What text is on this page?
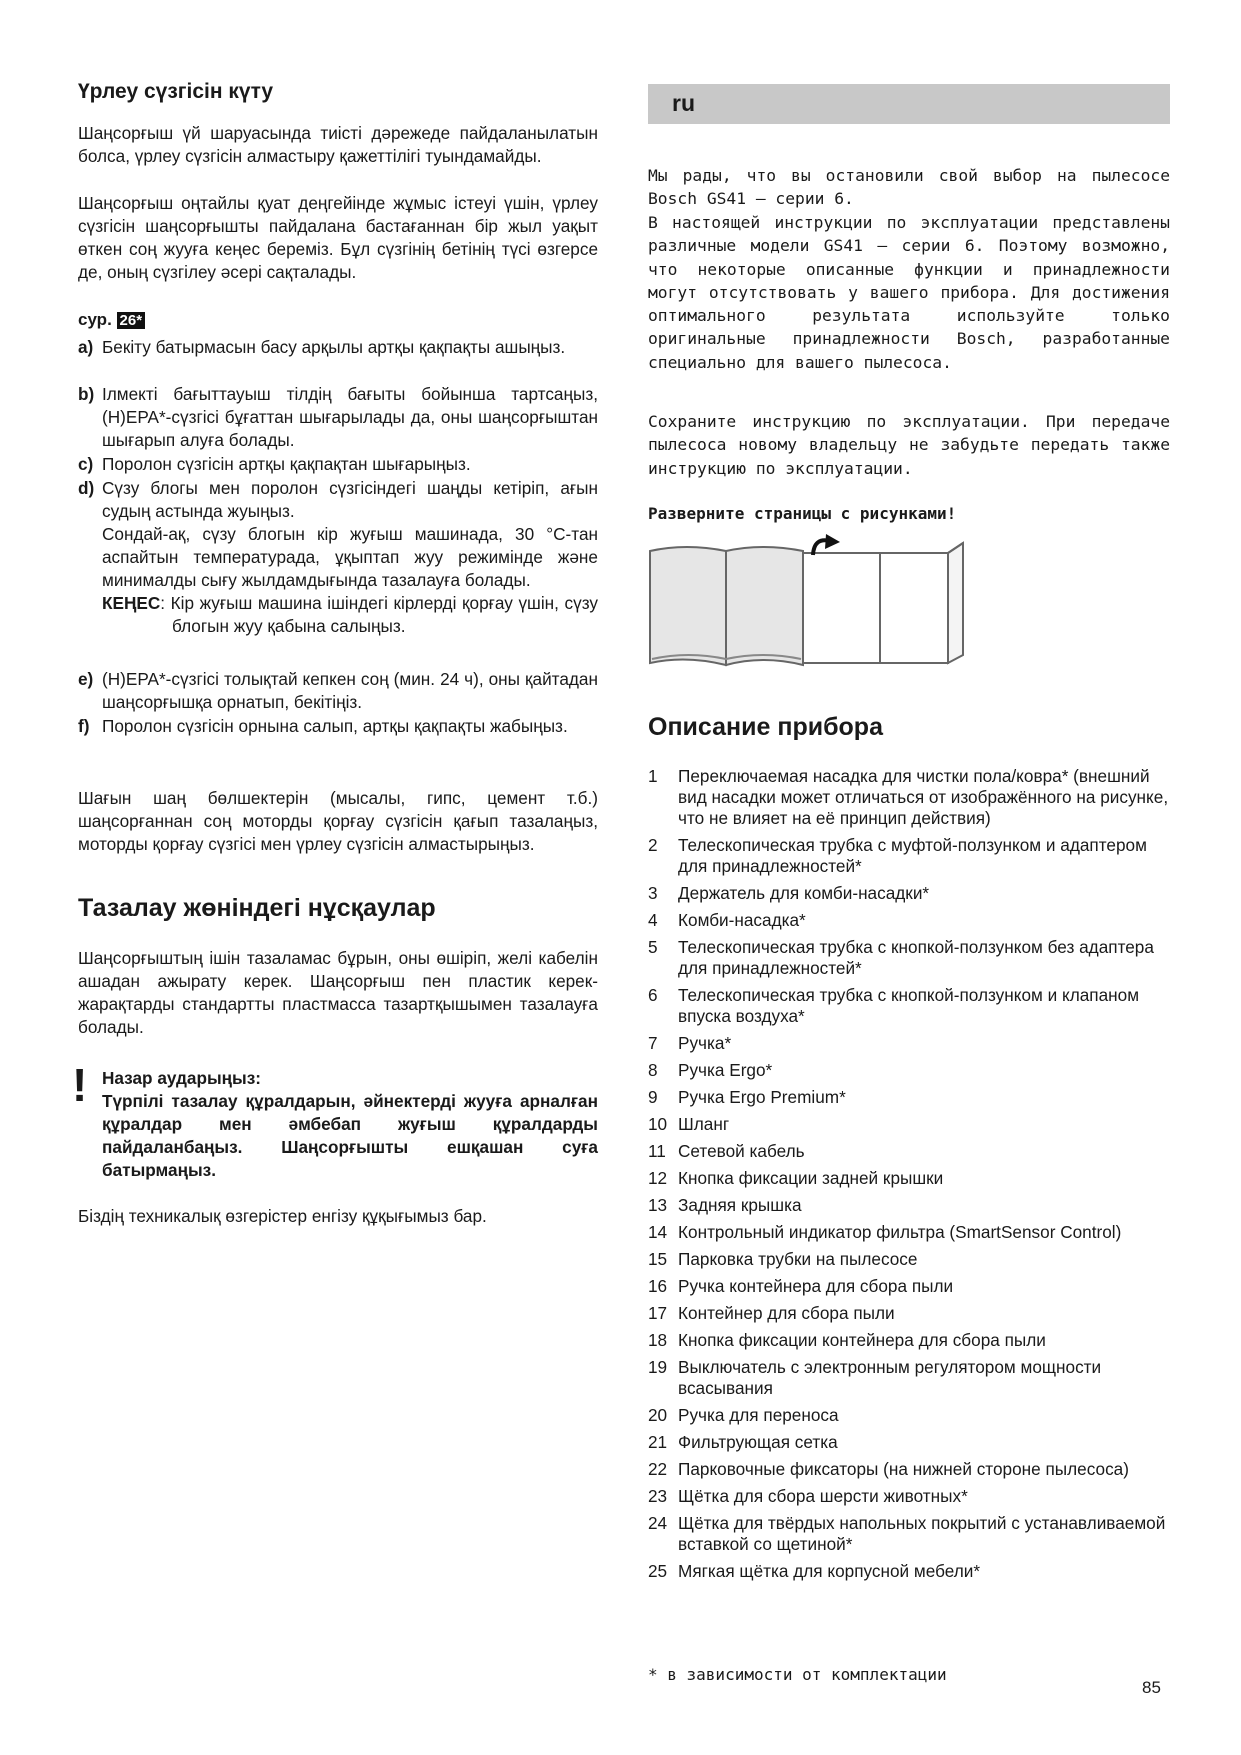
Үрлеу сүзгісін күту

Шаңсорғыш үй шаруасында тиісті дәрежеде пайдаланылатын болса, үрлеу сүзгісін алмастыру қажеттілігі туындамайды.

Шаңсорғыш оңтайлы қуат деңгейінде жұмыс істеуі үшін, үрлеу сүзгісін шаңсорғышты пайдалана бастағаннан бір жыл уақыт өткен соң жууға кеңес береміз. Бұл сүзгінің бетінің түсі өзгерсе де, оның сүзгілеу әсері сақталады.

сур. 26*
a) Бекіту батырмасын басу арқылы артқы қақпақты ашыңыз.
b) Ілмекті бағыттауыш тілдің бағыты бойынша тартсаңыз, (H)EPA*-сүзгісі бұғаттан шығарылады да, оны шаңсорғыштан шығарып алуға болады.
c) Поролон сүзгісін артқы қақпақтан шығарыңыз.
d) Сүзу блогы мен поролон сүзгісіндегі шаңды кетіріп, ағын судың астында жуыңыз.
Сондай-ақ, сүзу блогын кір жуғыш машинада, 30 °C-тан аспайтын температурада, ұқыптап жуу режимінде және минималды сығу жылдамдығында тазалауға болады.
КЕҢЕС: Кір жуғыш машина ішіндегі кірлерді қорғау үшін, сүзу блогын жуу қабына салыңыз.
e) (H)EPA*-сүзгісі толықтай кепкен соң (мин. 24 ч), оны қайтадан шаңсорғышқа орнатып, бекітіңіз.
f) Поролон сүзгісін орнына салып, артқы қақпақты жабыңыз.

Шағын шаң бөлшектерін (мысалы, гипс, цемент т.б.) шаңсорғаннан соң моторды қорғау сүзгісін қағып тазалаңыз, моторды қорғау сүзгісі мен үрлеу сүзгісін алмастырыңыз.

Тазалау жөніндегі нұсқаулар

Шаңсорғыштың ішін тазаламас бұрын, оны өшіріп, желі кабелін ашадан ажырату керек. Шаңсорғыш пен пластик керек-жарақтарды стандартты пластмасса тазартқышымен тазалауға болады.

! Назар аударыңыз:
Түрпілі тазалау құралдарын, әйнектерді жууға арналған құралдар мен әмбебап жуғыш құралдарды пайдаланбаңыз. Шаңсорғышты ешқашан суға батырмаңыз.

Біздің техникалық өзгерістер енгізу құқығымыз бар.

ru

Мы рады, что вы остановили свой выбор на пылесосе Bosch GS41 – серии 6.

В настоящей инструкции по эксплуатации представлены различные модели GS41 – серии 6. Поэтому возможно, что некоторые описанные функции и принадлежности могут отсутствовать у вашего прибора. Для достижения оптимального результата используйте только оригинальные принадлежности Bosch, разработанные специально для вашего пылесоса.

Сохраните инструкцию по эксплуатации. При передаче пылесоса новому владельцу не забудьте передать также инструкцию по эксплуатации.

Разверните страницы с рисунками!
Описание прибора
1 Переключаемая насадка для чистки пола/ковра* (внешний вид насадки может отличаться от изображённого на рисунке, что не влияет на её принцип действия)
2 Телескопическая трубка с муфтой-ползунком и адаптером для принадлежностей*
3 Держатель для комби-насадки*
4 Комби-насадка*
5 Телескопическая трубка с кнопкой-ползунком без адаптера для принадлежностей*
6 Телескопическая трубка с кнопкой-ползунком и клапаном впуска воздуха*
7 Ручка*
8 Ручка Ergo*
9 Ручка Ergo Premium*
10 Шланг
11 Сетевой кабель
12 Кнопка фиксации задней крышки
13 Задняя крышка
14 Контрольный индикатор фильтра (SmartSensor Control)
15 Парковка трубки на пылесосе
16 Ручка контейнера для сбора пыли
17 Контейнер для сбора пыли
18 Кнопка фиксации контейнера для сбора пыли
19 Выключатель с электронным регулятором мощности всасывания
20 Ручка для переноса
21 Фильтрующая сетка
22 Парковочные фиксаторы (на нижней стороне пылесоса)
23 Щётка для сбора шерсти животных*
24 Щётка для твёрдых напольных покрытий с устанавливаемой вставкой со щетиной*
25 Мягкая щётка для корпусной мебели*
* в зависимости от комплектации
85
